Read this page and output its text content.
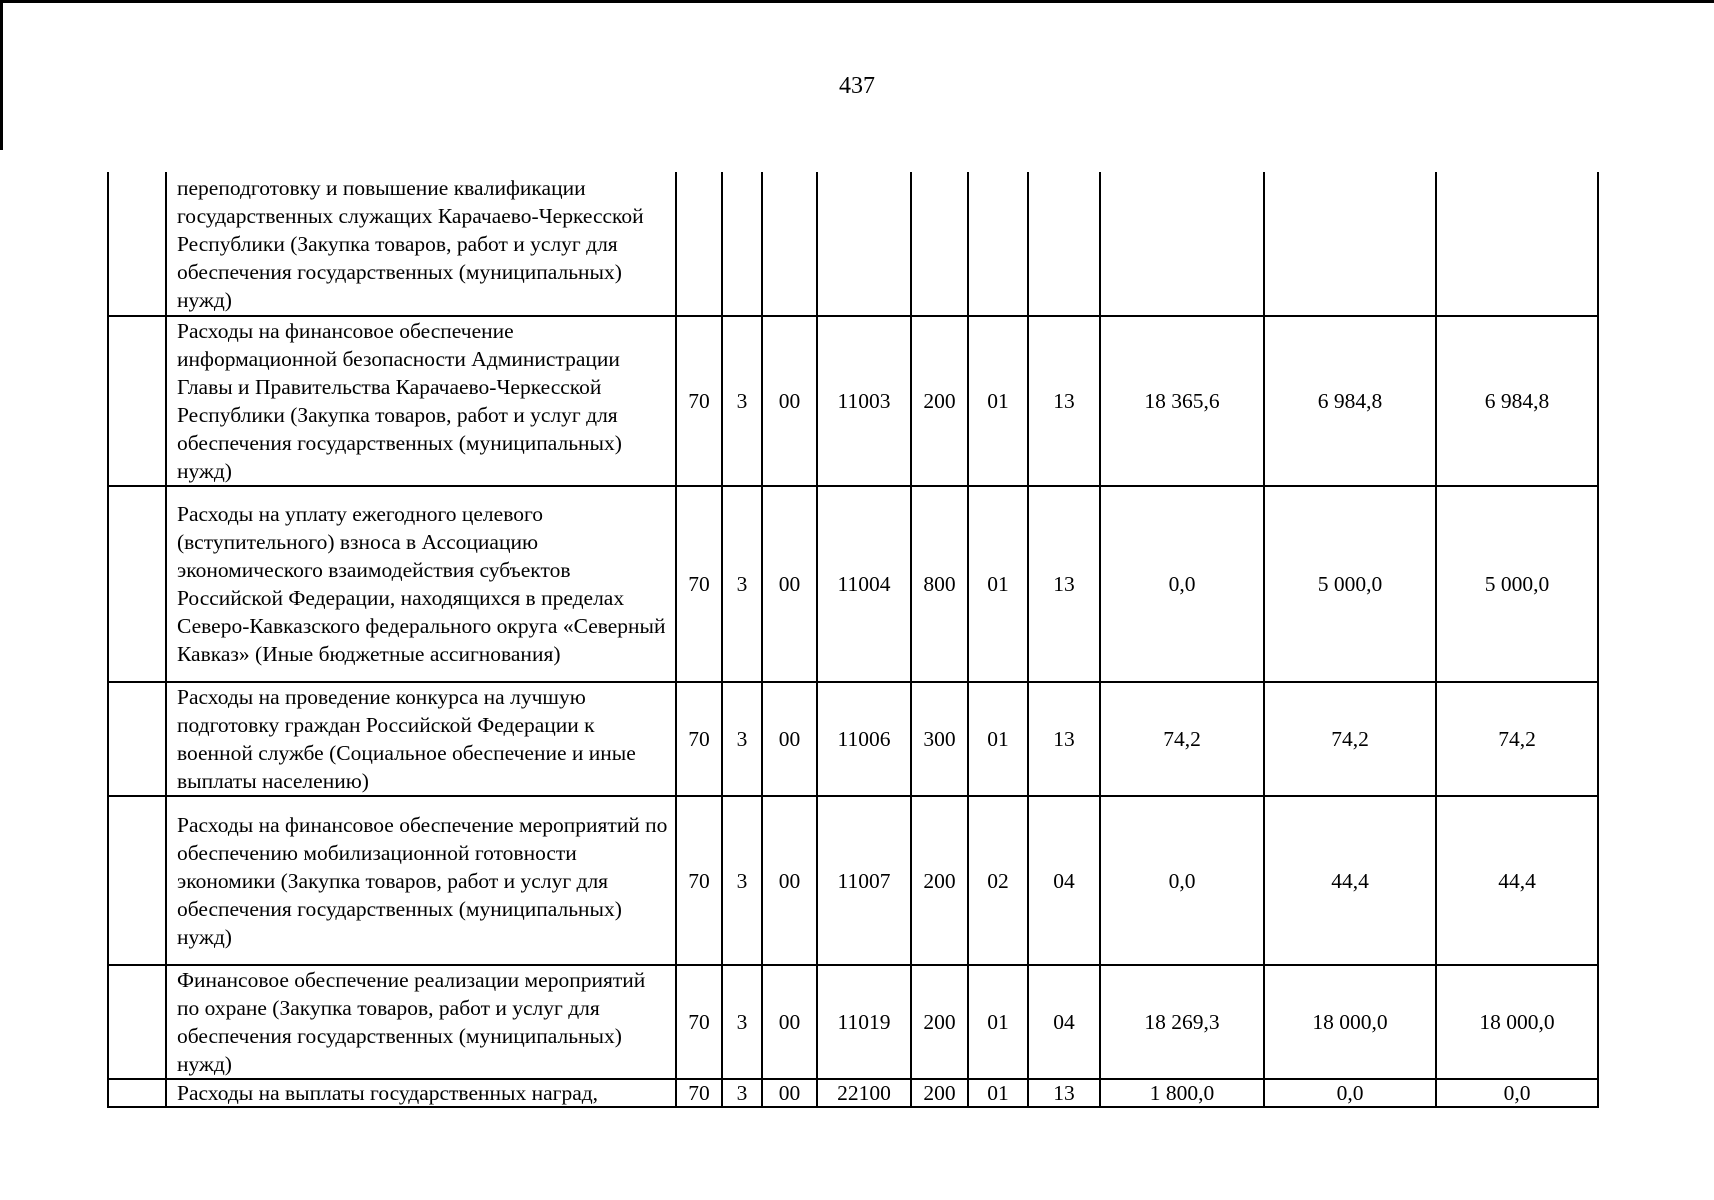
437
	переподготовку и повышение квалификации государственных служащих Карачаево-Черкесской Республики (Закупка товаров, работ и услуг для обеспечения государственных (муниципальных) нужд)										
	Расходы на финансовое обеспечение информационной безопасности Администрации Главы и Правительства Карачаево-Черкесской Республики (Закупка товаров, работ и услуг для обеспечения государственных (муниципальных) нужд)	70	3	00	11003	200	01	13	18 365,6	6 984,8	6 984,8
	Расходы на уплату ежегодного целевого (вступительного) взноса в Ассоциацию экономического взаимодействия субъектов Российской Федерации, находящихся в пределах Северо-Кавказского федерального округа «Северный Кавказ» (Иные бюджетные ассигнования)	70	3	00	11004	800	01	13	0,0	5 000,0	5 000,0
	Расходы на проведение конкурса на лучшую подготовку граждан Российской Федерации к военной службе (Социальное обеспечение и иные выплаты населению)	70	3	00	11006	300	01	13	74,2	74,2	74,2
	Расходы на финансовое обеспечение мероприятий по обеспечению мобилизационной готовности экономики (Закупка товаров, работ и услуг для обеспечения государственных (муниципальных) нужд)	70	3	00	11007	200	02	04	0,0	44,4	44,4
	Финансовое обеспечение реализации мероприятий по охране (Закупка товаров, работ и услуг для обеспечения государственных (муниципальных) нужд)	70	3	00	11019	200	01	04	18 269,3	18 000,0	18 000,0
	Расходы на выплаты государственных наград,	70	3	00	22100	200	01	13	1 800,0	0,0	0,0
